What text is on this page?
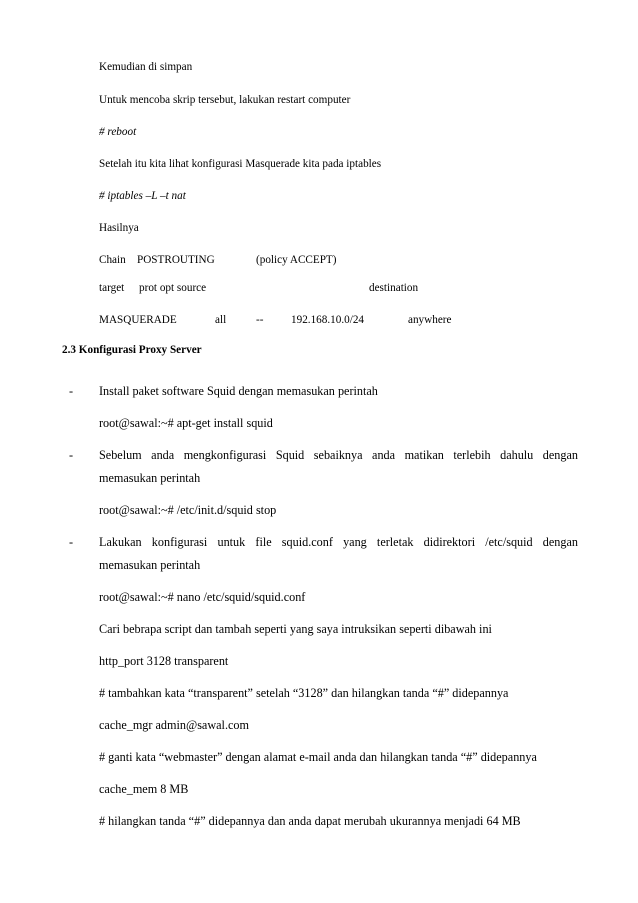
Kemudian di simpan
Untuk mencoba skrip tersebut, lakukan restart computer
# reboot
Setelah itu kita lihat konfigurasi Masquerade kita pada iptables
# iptables –L –t nat
Hasilnya
Chain POSTROUTING	(policy ACCEPT)
target prot opt source	destination
MASQUERADE	all	-- 192.168.10.0/24	anywhere
2.3 Konfigurasi Proxy Server
- Install paket software Squid dengan memasukan perintah
root@sawal:~# apt-get install squid
- Sebelum anda mengkonfigurasi Squid sebaiknya anda matikan terlebih dahulu dengan
memasukan perintah
root@sawal:~# /etc/init.d/squid stop
- Lakukan konfigurasi untuk file squid.conf yang terletak didirektori /etc/squid dengan
memasukan perintah
root@sawal:~# nano /etc/squid/squid.conf
Cari bebrapa script dan tambah seperti yang saya intruksikan seperti dibawah ini
http_port 3128 transparent
# tambahkan kata “transparent” setelah “3128” dan hilangkan tanda “#” didepannya
cache_mgr admin@sawal.com
# ganti kata “webmaster” dengan alamat e-mail anda dan hilangkan tanda “#” didepannya
cache_mem 8 MB
# hilangkan tanda “#” didepannya dan anda dapat merubah ukurannya menjadi 64 MB
